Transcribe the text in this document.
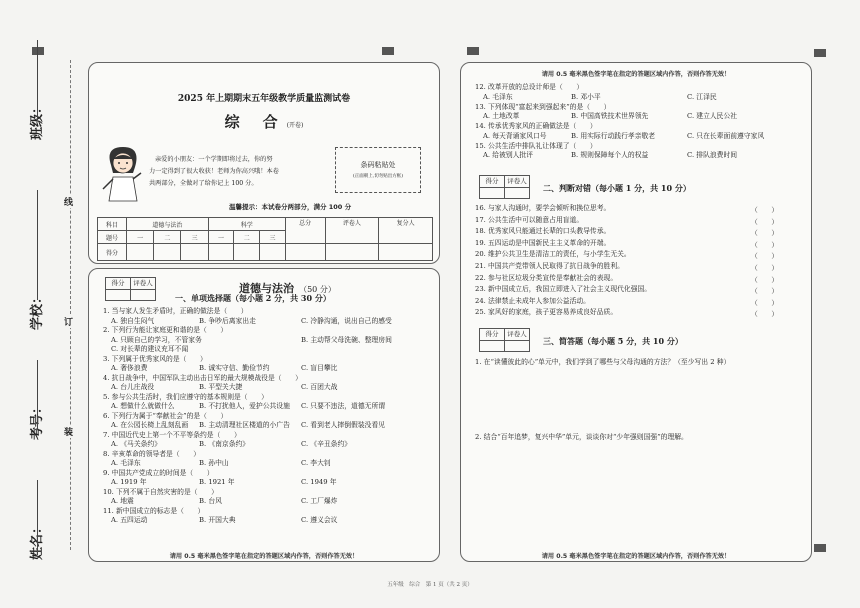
班级：
学校：
考号：
姓名：
线
订
装
2025 年上期期末五年级教学质量监测试卷
综　合 (开卷)
亲爱的小朋友：一个学期即将过去，你的努
力一定得到了很大收获！老师为你高兴哦！本卷
共两部分，全做对了给你记上 100 分。
条码粘贴处
(正面朝上,切勿贴出方框)
温馨提示：本试卷分两部分，满分 100 分
科目	道德与法治			科学			总分	评卷人	复分人
题号	一	二	三	一	二	三			
得分									
得分	评卷人	道德与法治 （50 分）
一、单项选择题（每小题 2 分，共 30 分）
1. 当与家人发生矛盾时，正确的做法是（　　）
A. 独自生闷气	B. 争吵后离家出走	C. 冷静沟通，说出自己的感受
2. 下列行为能让家庭更和谐的是（　　）
A. 只顾自己的学习，不管家务	B. 主动帮父母洗碗、整理房间
C. 对长辈的建议充耳不闻
3. 下列属于优秀家风的是（　　）
A. 奢侈浪费	B. 诚实守信、勤俭节约	C. 盲目攀比
4. 抗日战争中，中国军队主动出击日军的最大规模战役是（　　）
A. 台儿庄战役	B. 平型关大捷	C. 百团大战
5. 参与公共生活时，我们应遵守的基本规则是（　　）
A. 想做什么就做什么	B. 不打扰他人，爱护公共设施 C. 只要不违法，道德无所谓
6. 下列行为属于“奉献社会”的是（　　）
A. 在公园长椅上乱刻乱画 B. 主动清理社区楼道的小广告 C. 看到老人摔倒假装没看见
7. 中国近代史上第一个不平等条约是（　　）
A. 《马关条约》	B. 《南京条约》	C. 《辛丑条约》
8. 辛亥革命的领导者是（　　）
A. 毛泽东	B. 孙中山	C. 李大钊
9. 中国共产党成立的时间是（　　）
A. 1919 年	B. 1921 年	C. 1949 年
10. 下列不属于自然灾害的是（　　）
A. 地震	B. 台风	C. 工厂爆炸
11. 新中国成立的标志是（　　）
A. 五四运动	B. 开国大典	C. 遵义会议
请用 0.5 毫米黑色签字笔在指定的答题区域内作答，否则作答无效！
请用 0.5 毫米黑色签字笔在指定的答题区域内作答，否则作答无效！
12. 改革开放的总设计师是（　　）
A. 毛泽东	B. 邓小平	C. 江泽民
13. 下列体现“富起来到强起来”的是（　　）
A. 土地改革	B. 中国高铁技术世界领先	C. 建立人民公社
14. 传承优秀家风的正确做法是（　　）
A. 每天背诵家风口号	B. 用实际行动践行孝亲敬老	C. 只在长辈面前遵守家风
15. 公共生活中排队礼让体现了（　　）
A. 给被别人批评	B. 规则保障每个人的权益	C. 排队浪费时间
得分	评卷人
二、判断对错（每小题 1 分，共 10 分）
16. 与家人沟通时，要学会倾听和换位思考。	（　　）
17. 公共生活中可以随意占用盲道。	（　　）
18. 优秀家风只能通过长辈的口头教导传承。	（　　）
19. 五四运动是中国新民主主义革命的开端。	（　　）
20. 维护公共卫生是清洁工的责任，与小学生无关。	（　　）
21. 中国共产党带领人民取得了抗日战争的胜利。	（　　）
22. 参与社区垃圾分类宣传是奉献社会的表现。	（　　）
23. 新中国成立后，我国立即进入了社会主义现代化强国。	（　　）
24. 法律禁止未成年人参加公益活动。	（　　）
25. 家风好的家庭，孩子更容易养成良好品质。	（　　）
得分	评卷人
三、简答题（每小题 5 分，共 10 分）
1. 在“读懂彼此的心”单元中，我们学到了哪些与父母沟通的方法？（至少写出 2 种）
2. 结合“百年追梦，复兴中华”单元，谈谈你对“少年强则国强”的理解。
请用 0.5 毫米黑色签字笔在指定的答题区域内作答，否则作答无效！
五年级　综合　第 1 页（共 2 页）
